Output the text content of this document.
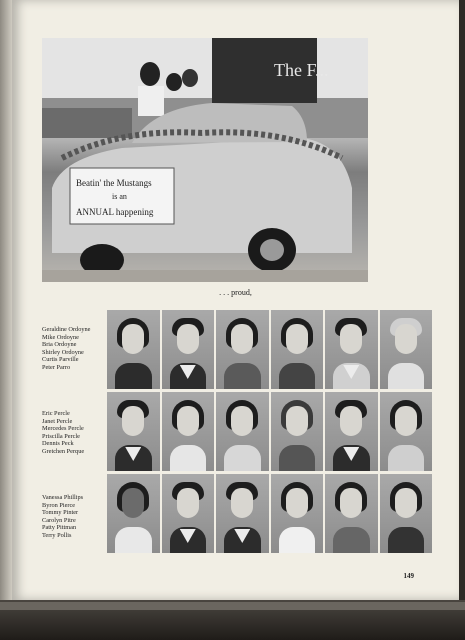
The F...
Beatin' the Mustangs
is an
ANNUAL happening
. . . proud,
Geraldine Ordoyne
Mike Ordoyne
Bria Ordoyne
Shirley Ordoyne
Curtis Parville
Peter Parro
Eric Percle
Janet Percle
Mercedes Percle
Priscilla Percle
Dennis Peck
Gretchen Perque
Vanessa Phillips
Byron Pierce
Tommy Pinter
Carolyn Pitre
Patty Pittman
Terry Pollis
149
